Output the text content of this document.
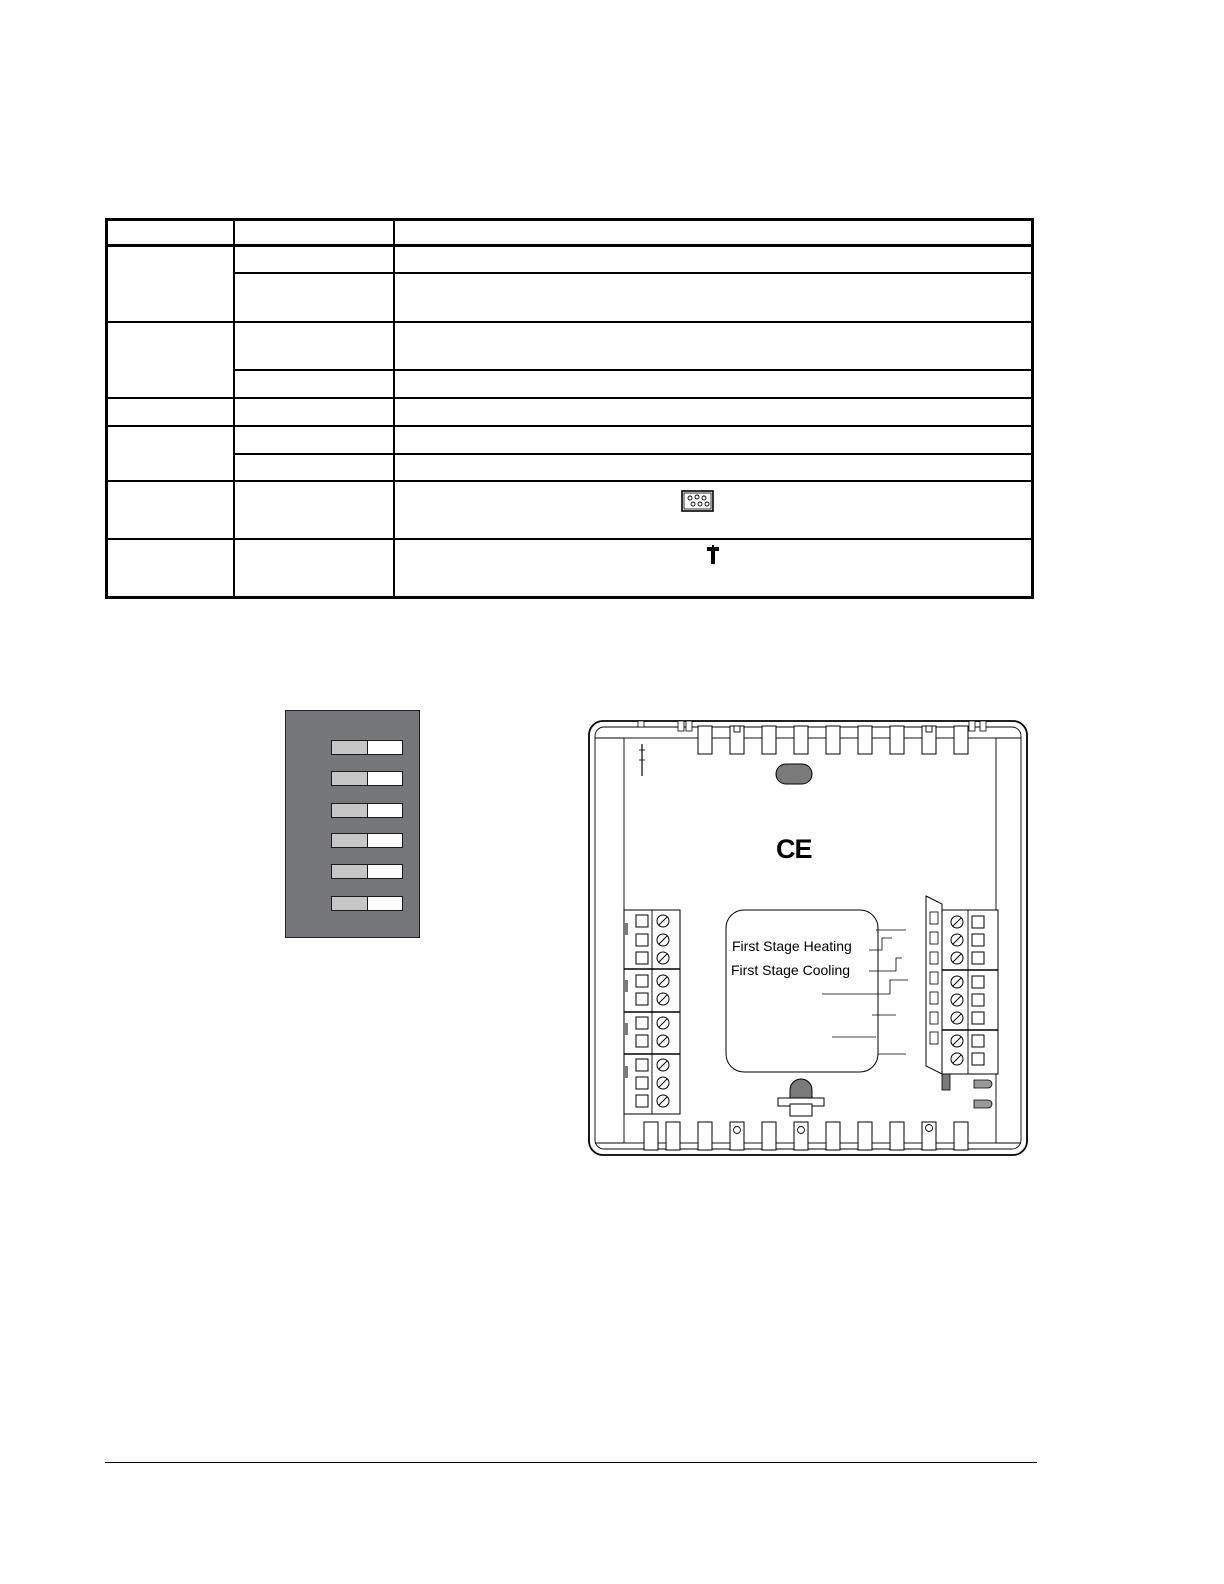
CE
First Stage Heating
First Stage Cooling
